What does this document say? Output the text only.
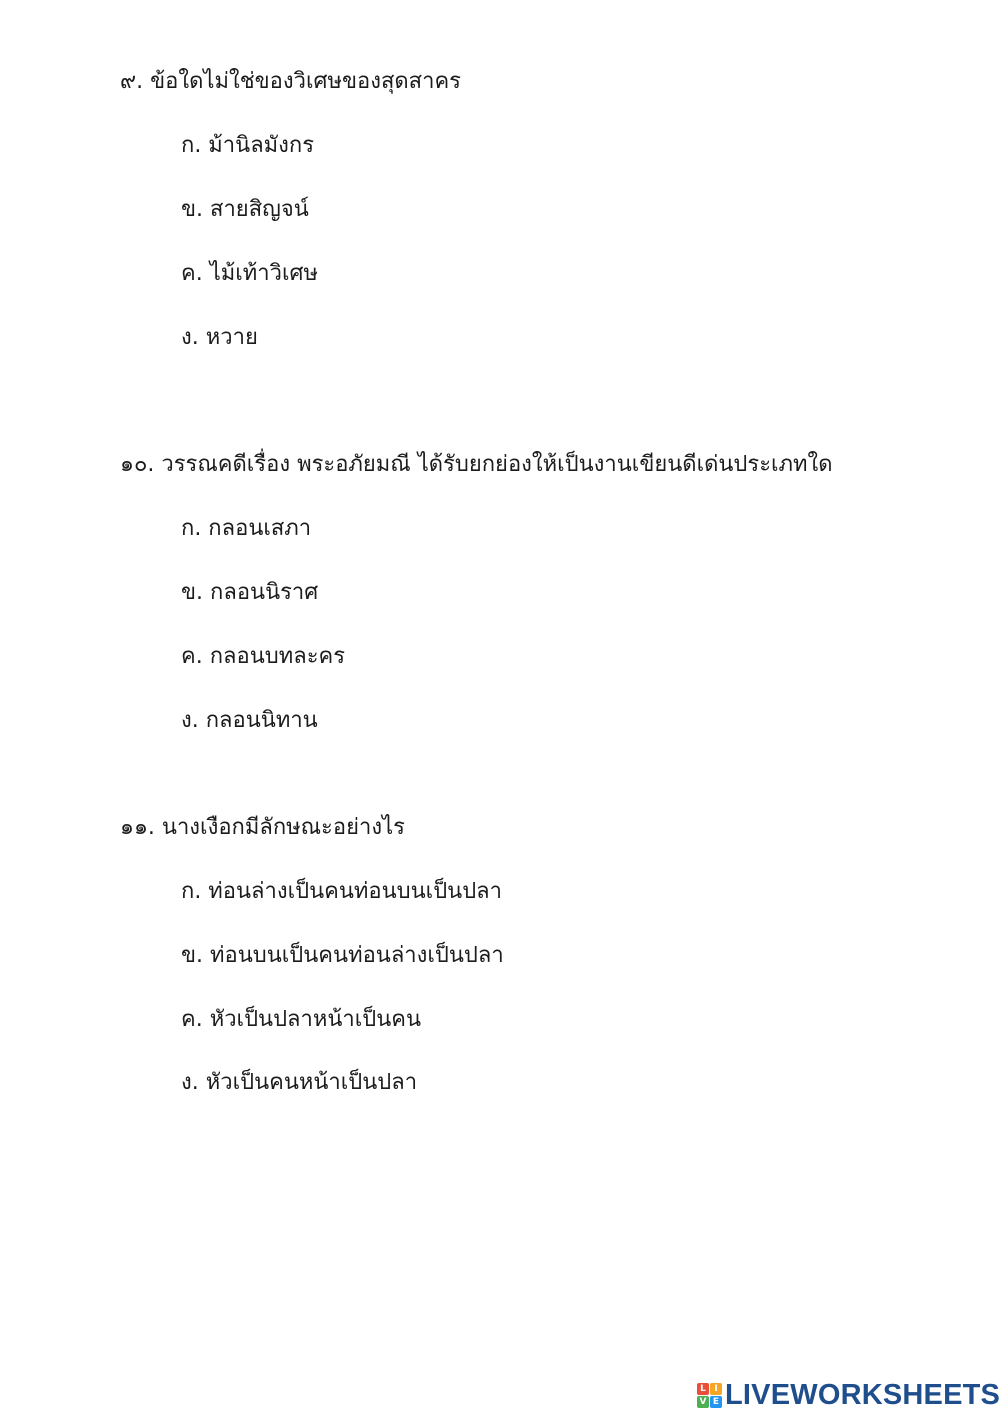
๙. ข้อใดไม่ใช่ของวิเศษของสุดสาคร
ก. ม้านิลมังกร
ข. สายสิญจน์
ค. ไม้เท้าวิเศษ
ง. หวาย
๑๐. วรรณคดีเรื่อง พระอภัยมณี ได้รับยกย่องให้เป็นงานเขียนดีเด่นประเภทใด
ก. กลอนเสภา
ข. กลอนนิราศ
ค. กลอนบทละคร
ง. กลอนนิทาน
๑๑. นางเงือกมีลักษณะอย่างไร
ก. ท่อนล่างเป็นคนท่อนบนเป็นปลา
ข. ท่อนบนเป็นคนท่อนล่างเป็นปลา
ค. หัวเป็นปลาหน้าเป็นคน
ง. หัวเป็นคนหน้าเป็นปลา
L I
V E LIVEWORKSHEETS
